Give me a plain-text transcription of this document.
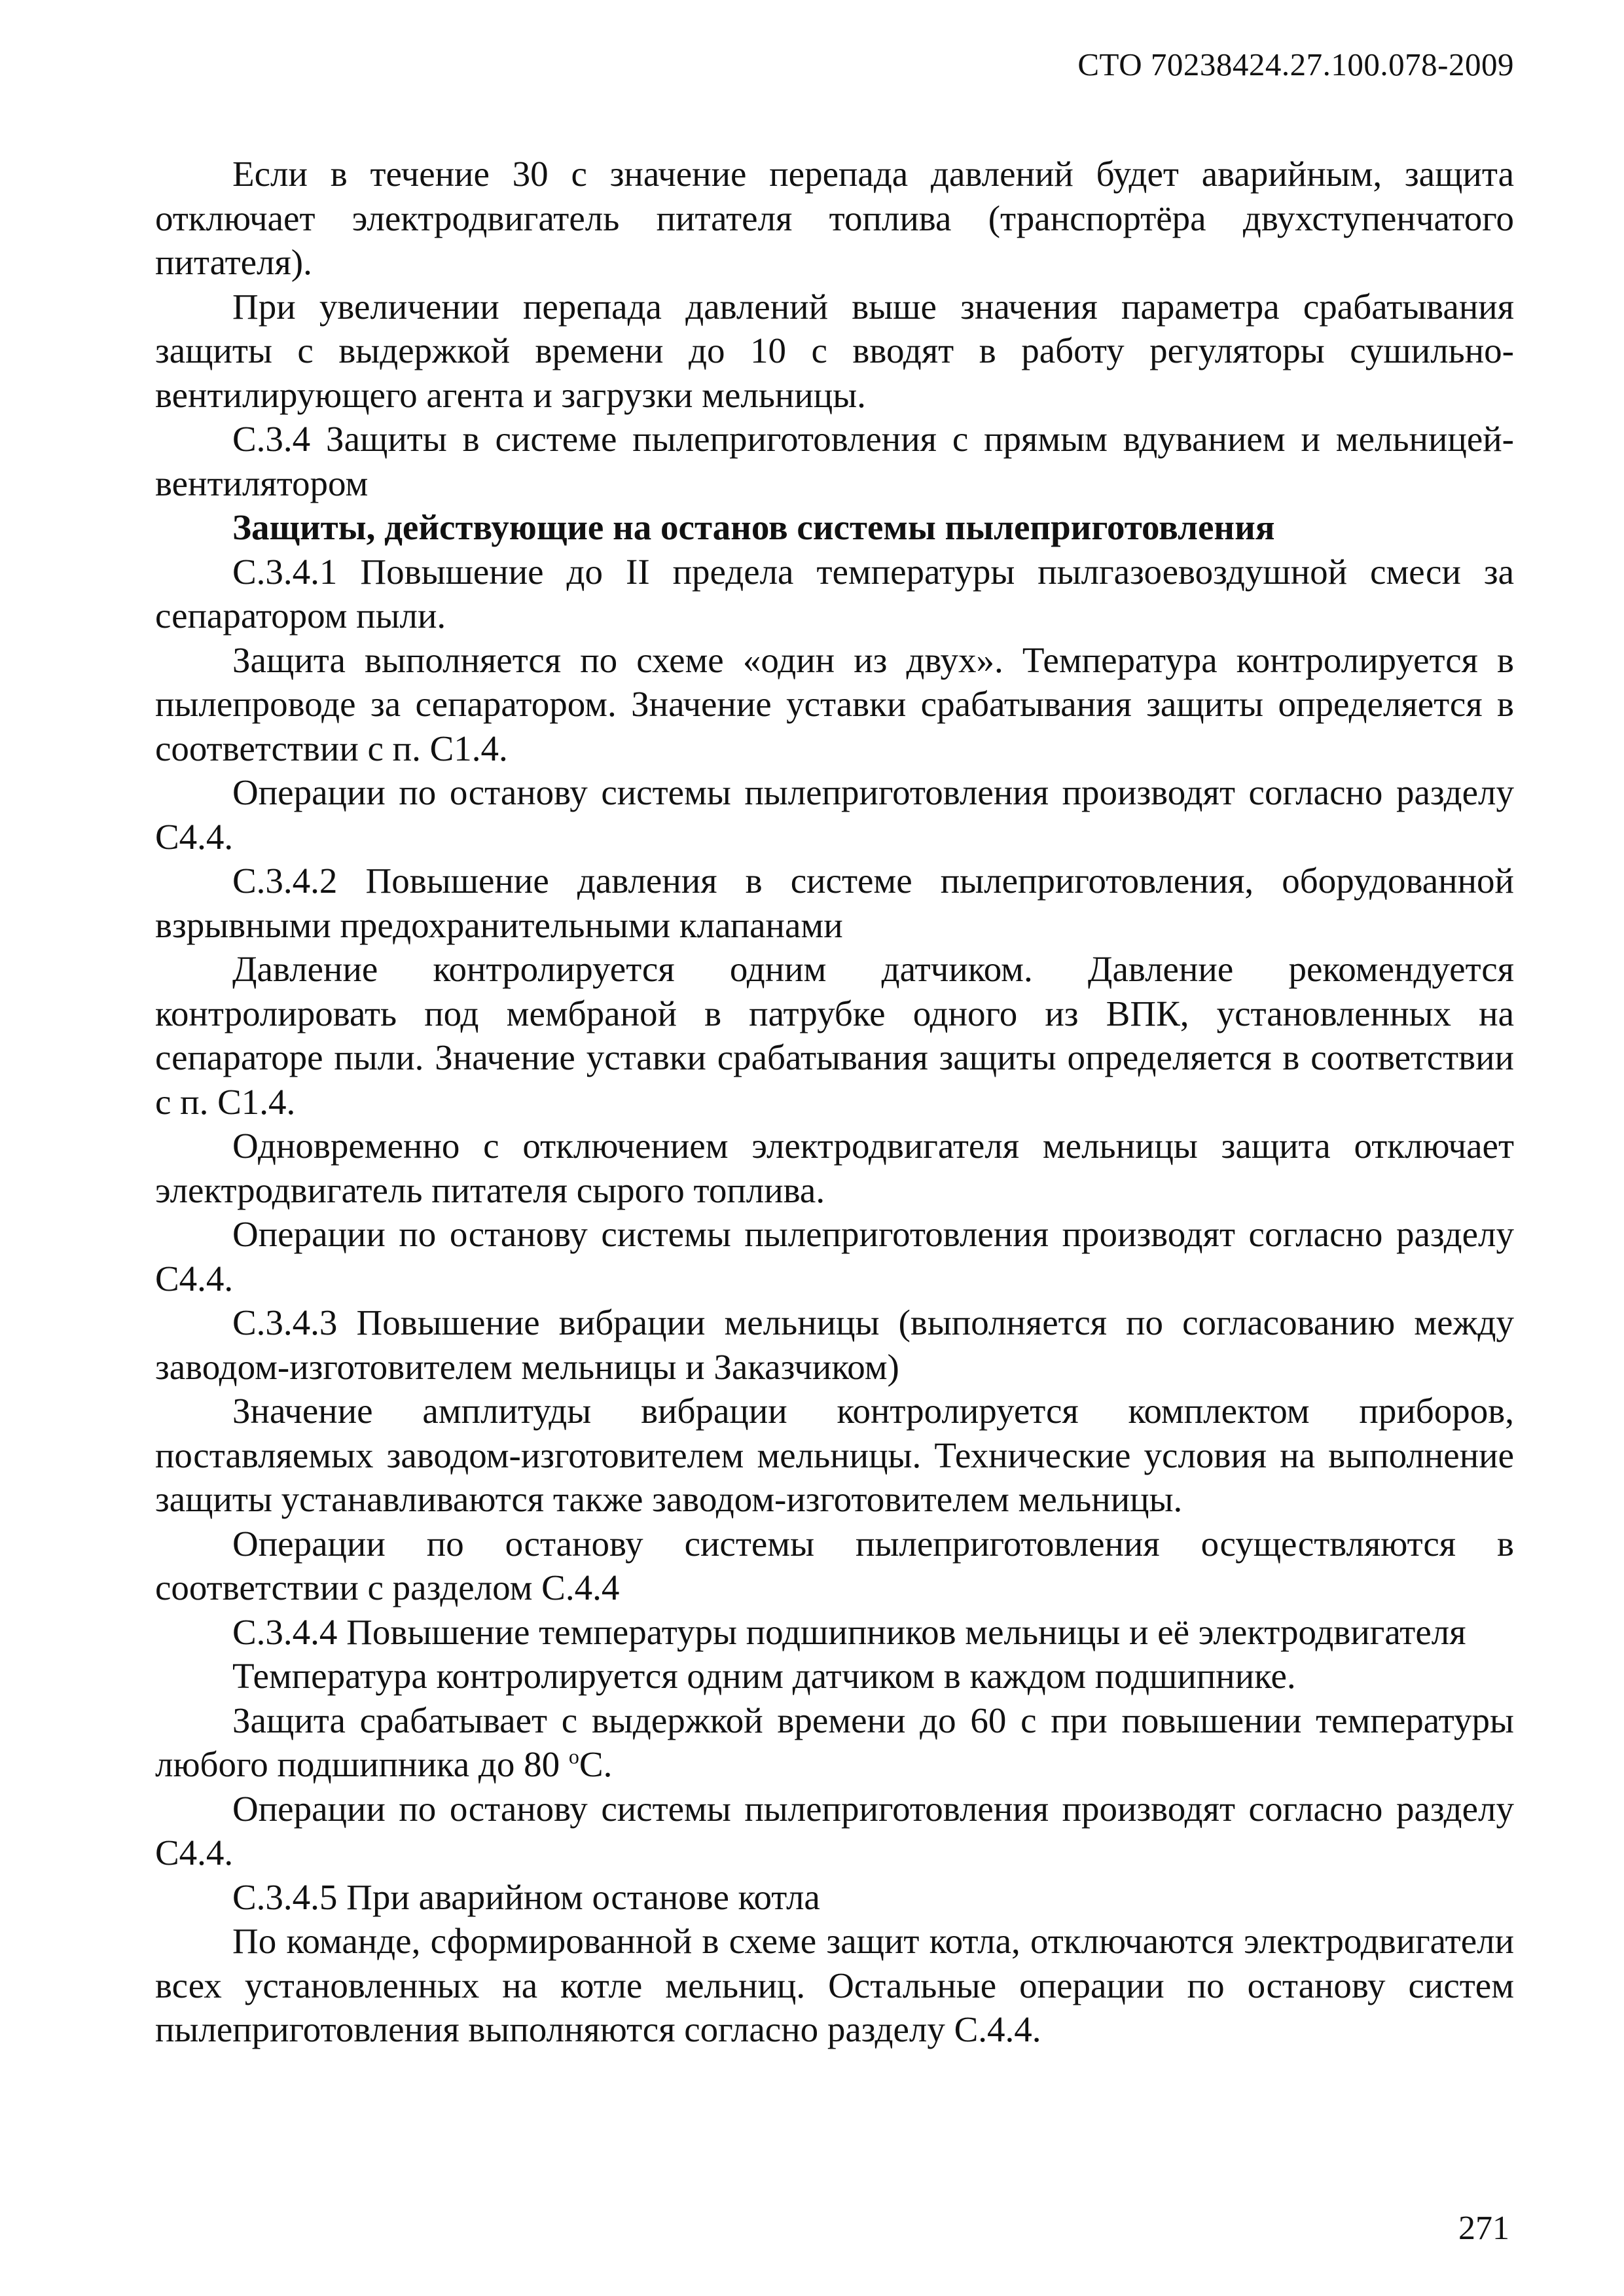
СТО 70238424.27.100.078-2009

Если в течение 30 с значение перепада давлений будет аварийным, защита отключает электродвигатель питателя топлива (транспортёра двухступенчатого питателя).

При увеличении перепада давлений выше значения параметра срабатывания защиты с выдержкой времени до 10 с вводят в работу регуляторы сушильно-вентилирующего агента и загрузки мельницы.

С.3.4 Защиты в системе пылеприготовления с прямым вдуванием и мельницей-вентилятором

Защиты, действующие на останов системы пылеприготовления

С.3.4.1 Повышение до II предела температуры пылгазоевоздушной смеси за сепаратором пыли.

Защита выполняется по схеме «один из двух». Температура контролируется в пылепроводе за сепаратором. Значение уставки срабатывания защиты определяется в соответствии с п. С1.4.

Операции по останову системы пылеприготовления производят согласно разделу С4.4.

С.3.4.2 Повышение давления в системе пылеприготовления, оборудованной взрывными предохранительными клапанами

Давление контролируется одним датчиком. Давление рекомендуется контролировать под мембраной в патрубке одного из ВПК, установленных на сепараторе пыли. Значение уставки срабатывания защиты определяется в соответствии с п. С1.4.

Одновременно с отключением электродвигателя мельницы защита отключает электродвигатель питателя сырого топлива.

Операции по останову системы пылеприготовления производят согласно разделу С4.4.

С.3.4.3 Повышение вибрации мельницы (выполняется по согласованию между заводом-изготовителем мельницы и Заказчиком)

Значение амплитуды вибрации контролируется комплектом приборов, поставляемых заводом-изготовителем мельницы. Технические условия на выполнение защиты устанавливаются также заводом-изготовителем мельницы.

Операции по останову системы пылеприготовления осуществляются в соответствии с разделом С.4.4

С.3.4.4 Повышение температуры подшипников мельницы и её электродвигателя

Температура контролируется одним датчиком в каждом подшипнике.

Защита срабатывает с выдержкой времени до 60 с при повышении температуры любого подшипника до 80 $^о$С.

Операции по останову системы пылеприготовления производят согласно разделу С4.4.

С.3.4.5 При аварийном останове котла

По команде, сформированной в схеме защит котла, отключаются электродвигатели всех установленных на котле мельниц. Остальные операции по останову систем пылеприготовления выполняются согласно разделу С.4.4.

271
